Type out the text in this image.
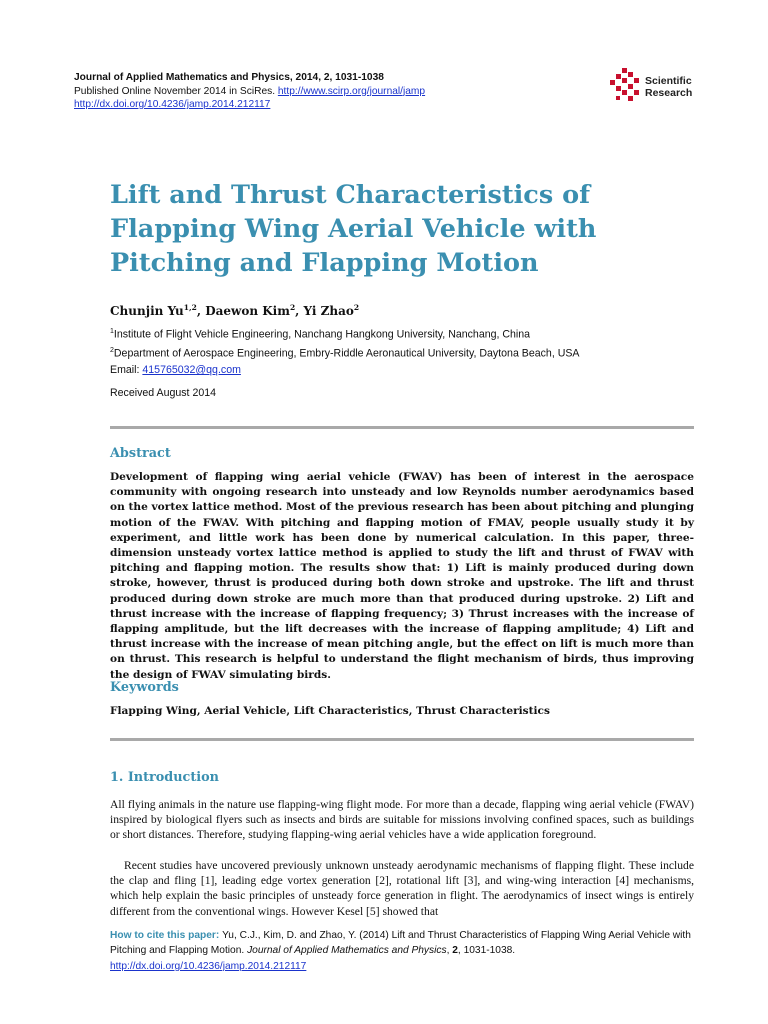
Journal of Applied Mathematics and Physics, 2014, 2, 1031-1038
Published Online November 2014 in SciRes. http://www.scirp.org/journal/jamp
http://dx.doi.org/10.4236/jamp.2014.212117
Scientific
Research
Lift and Thrust Characteristics of Flapping Wing Aerial Vehicle with Pitching and Flapping Motion
Chunjin Yu$^{1,2}$, Daewon Kim$^2$, Yi Zhao$^2$
$^1$Institute of Flight Vehicle Engineering, Nanchang Hangkong University, Nanchang, China
$^2$Department of Aerospace Engineering, Embry-Riddle Aeronautical University, Daytona Beach, USA
Email: 415765032@qq.com
Received August 2014
Abstract

Development of flapping wing aerial vehicle (FWAV) has been of interest in the aerospace community with ongoing research into unsteady and low Reynolds number aerodynamics based on the vortex lattice method. Most of the previous research has been about pitching and plunging motion of the FWAV. With pitching and flapping motion of FMAV, people usually study it by experiment, and little work has been done by numerical calculation. In this paper, three-dimension unsteady vortex lattice method is applied to study the lift and thrust of FWAV with pitching and flapping motion. The results show that: 1) Lift is mainly produced during down stroke, however, thrust is produced during both down stroke and upstroke. The lift and thrust produced during down stroke are much more than that produced during upstroke. 2) Lift and thrust increase with the increase of flapping frequency; 3) Thrust increases with the increase of flapping amplitude, but the lift decreases with the increase of flapping amplitude; 4) Lift and thrust increase with the increase of mean pitching angle, but the effect on lift is much more than on thrust. This research is helpful to understand the flight mechanism of birds, thus improving the design of FWAV simulating birds.

Keywords
Flapping Wing, Aerial Vehicle, Lift Characteristics, Thrust Characteristics
1. Introduction

All flying animals in the nature use flapping-wing flight mode. For more than a decade, flapping wing aerial vehicle (FWAV) inspired by biological flyers such as insects and birds are suitable for missions involving confined spaces, such as buildings or short distances. Therefore, studying flapping-wing aerial vehicles have a wide application foreground.

Recent studies have uncovered previously unknown unsteady aerodynamic mechanisms of flapping flight. These include the clap and fling [1], leading edge vortex generation [2], rotational lift [3], and wing-wing interaction [4] mechanisms, which help explain the basic principles of unsteady force generation in flight. The aerodynamics of insect wings is entirely different from the conventional wings. However Kesel [5] showed that

How to cite this paper: Yu, C.J., Kim, D. and Zhao, Y. (2014) Lift and Thrust Characteristics of Flapping Wing Aerial Vehicle with Pitching and Flapping Motion. Journal of Applied Mathematics and Physics, 2, 1031-1038.
http://dx.doi.org/10.4236/jamp.2014.212117
